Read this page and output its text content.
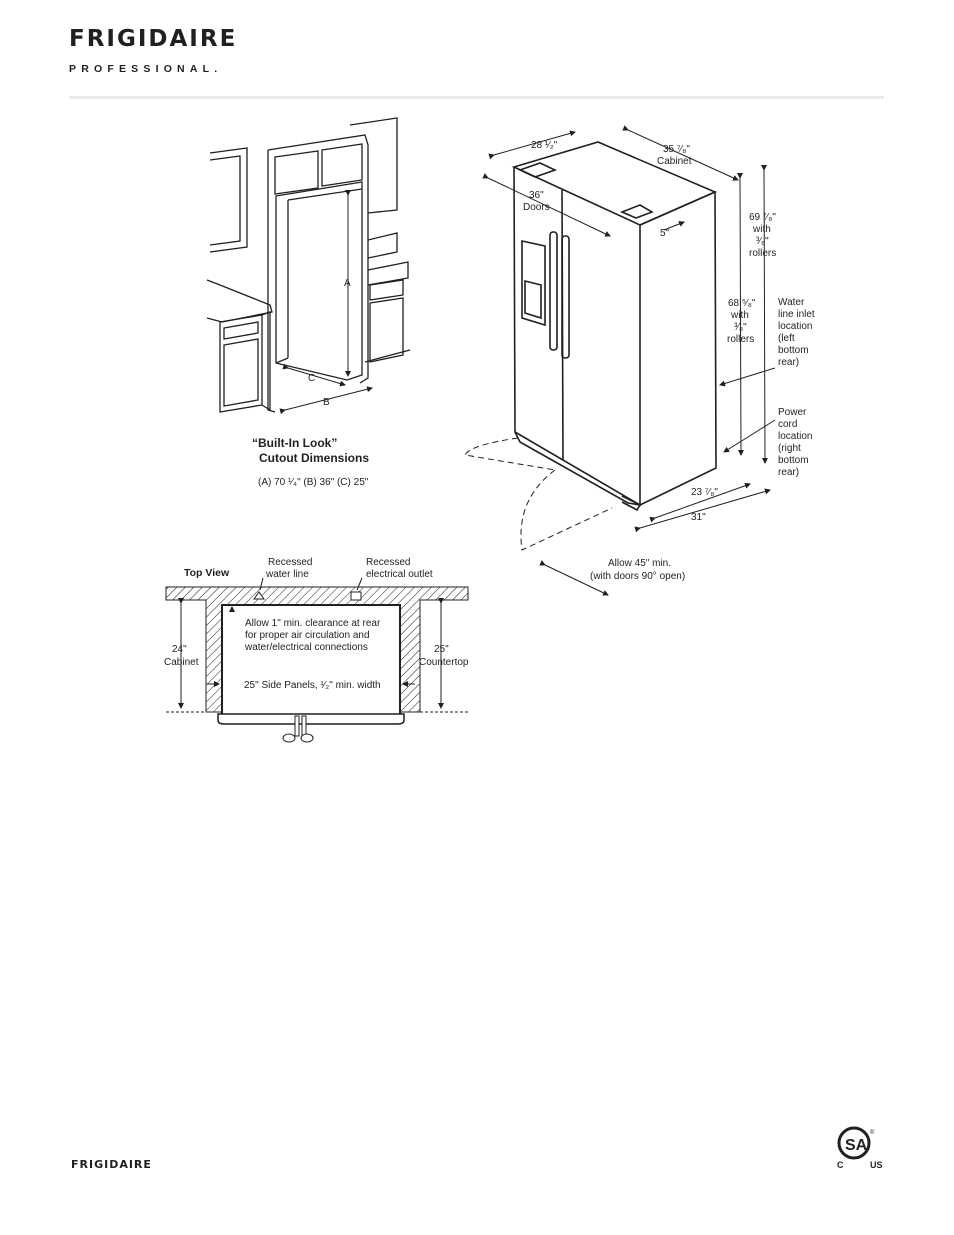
FRIGIDAIRE
PROFESSIONAL.
A
C
B
“Built-In Look”
Cutout Dimensions
(A) 70 ¹⁄₄" (B) 36" (C) 25"
28 ¹⁄₂"	35 ⁷⁄₈"
Cabinet
36"
Doors
5"
69 ⁷⁄₈"
with
³⁄₈"
rollers
68 ⁵⁄₈"
with
³⁄₈"
rollers
Water
line inlet
location
(left
bottom
rear)
Power
cord
location
(right
bottom
rear)
23 ⁷⁄₈"
31"
Allow 45" min.
(with doors 90° open)
Top View
Recessed
water line
Recessed
electrical outlet
Allow 1" min. clearance at rear
for proper air circulation and
water/electrical connections
24"
Cabinet
25"
Countertop
25" Side Panels, ¹⁄₂" min. width
FRIGIDAIRE
SA
®
C	US
